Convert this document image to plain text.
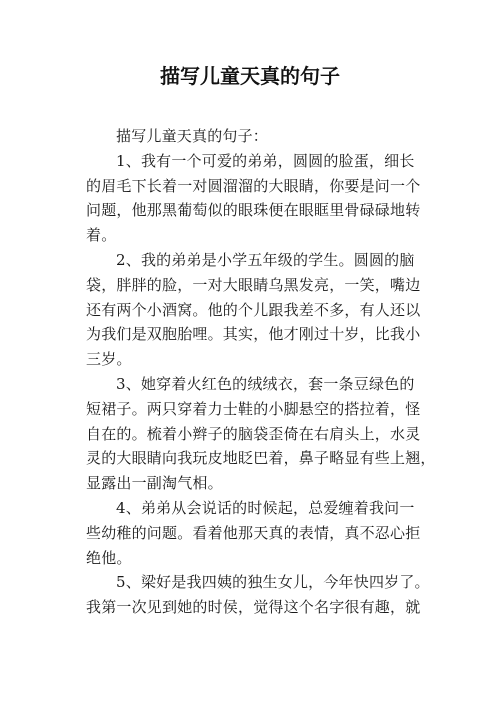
描写儿童天真的句子
描写儿童天真的句子：
1、我有一个可爱的弟弟，圆圆的脸蛋，细长
的眉毛下长着一对圆溜溜的大眼睛，你要是问一个
问题，他那黑葡萄似的眼珠便在眼眶里骨碌碌地转
着。
2、我的弟弟是小学五年级的学生。圆圆的脑
袋，胖胖的脸，一对大眼睛乌黑发亮，一笑，嘴边
还有两个小酒窝。他的个儿跟我差不多，有人还以
为我们是双胞胎哩。其实，他才刚过十岁，比我小
三岁。
3、她穿着火红色的绒绒衣，套一条豆绿色的
短裙子。两只穿着力士鞋的小脚悬空的搭拉着，怪
自在的。梳着小辫子的脑袋歪倚在右肩头上，水灵
灵的大眼睛向我玩皮地眨巴着，鼻子略显有些上翘，
显露出一副淘气相。
4、弟弟从会说话的时候起，总爱缠着我问一
些幼稚的问题。看着他那天真的表情，真不忍心拒
绝他。
5、梁好是我四姨的独生女儿，今年快四岁了。
我第一次见到她的时侯，觉得这个名字很有趣，就
